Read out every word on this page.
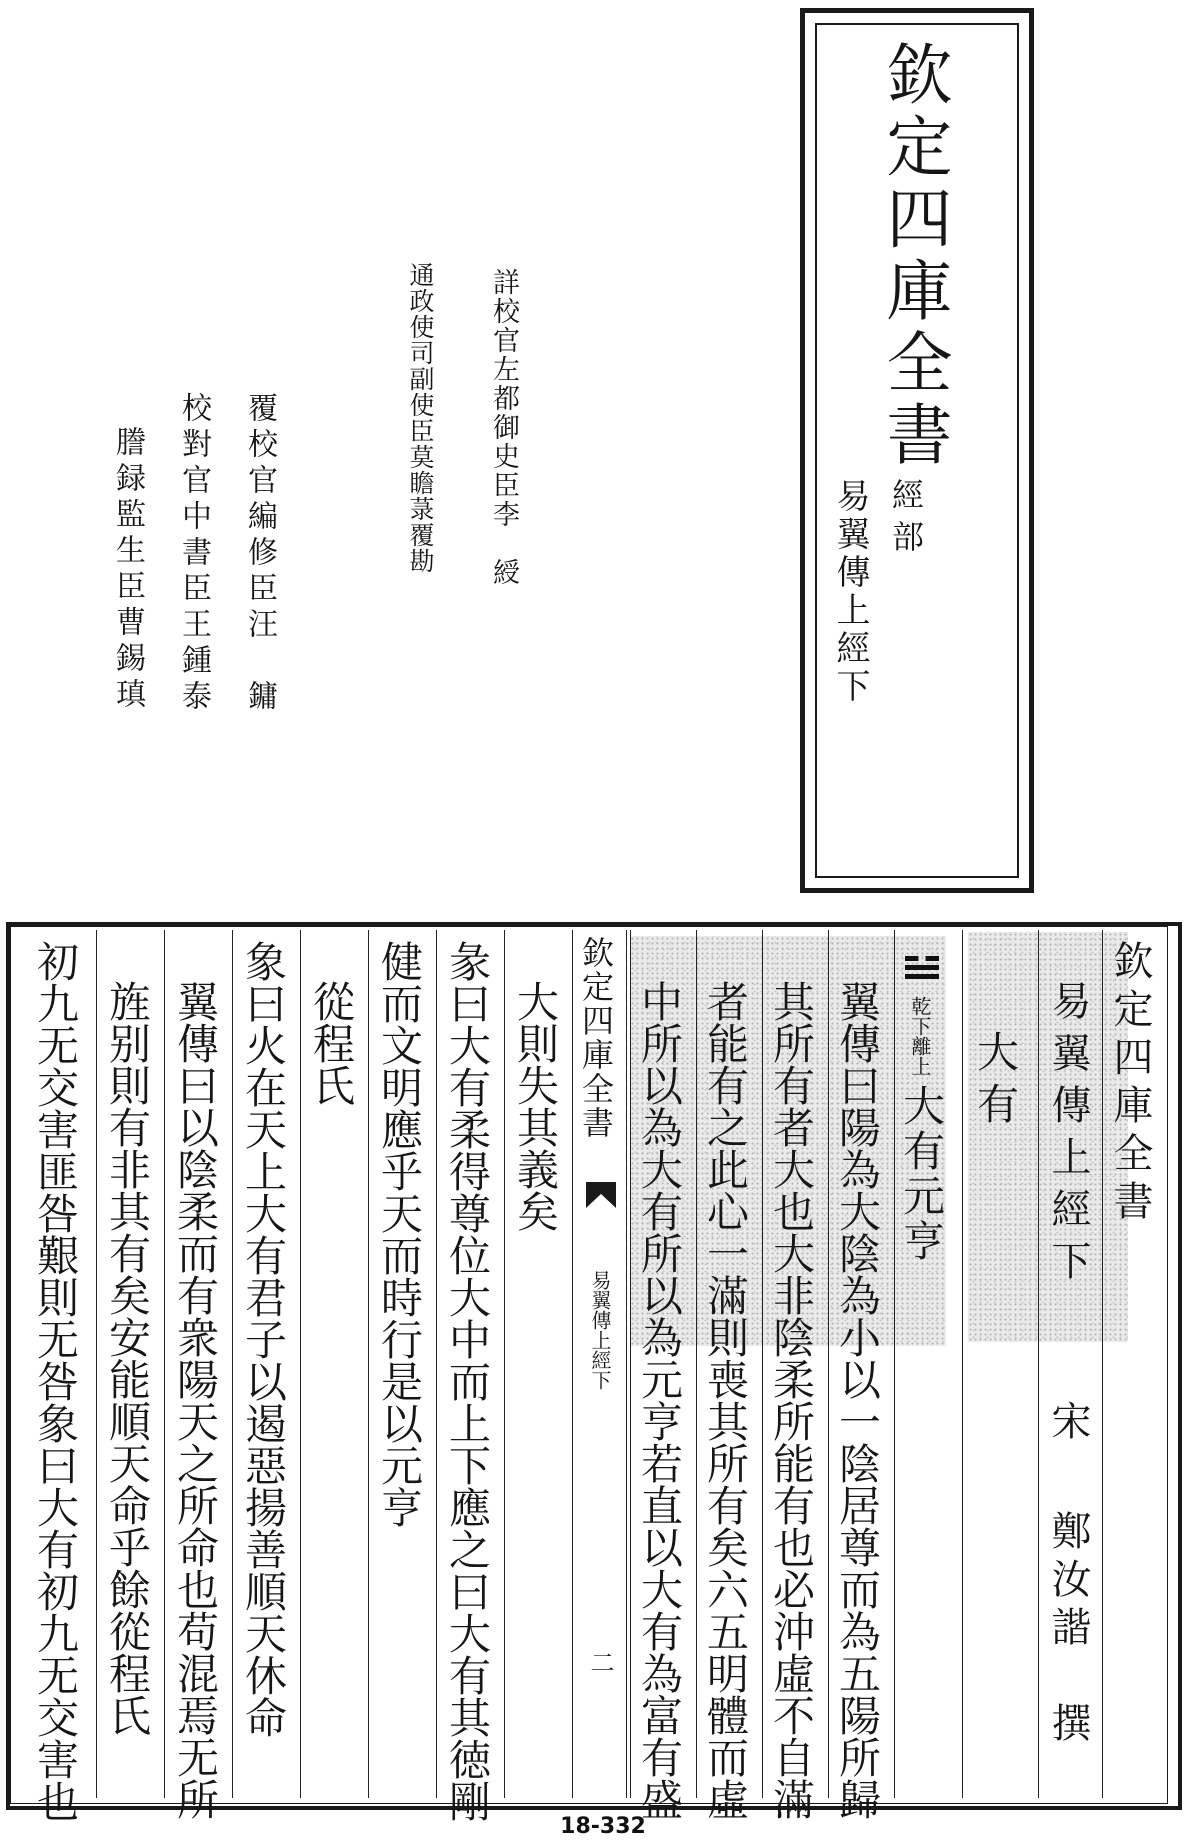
欽定四庫全書
經部
易翼傳上經下
詳校官左都御史臣李　綬
通政使司副使臣莫瞻菉覆勘
覆校官編修臣汪　鏞
校對官中書臣王鍾泰
謄録監生臣曹錫瑱
欽定四庫全書
易翼傳上經下
宋
鄭汝諧　撰
大有
乾下離上
大有元亨
翼傳曰陽為大陰為小以一陰居尊而為五陽所歸
其所有者大也大非陰柔所能有也必沖虛不自滿
者能有之此心一滿則喪其所有矣六五明體而虛
中所以為大有所以為元亨若直以大有為富有盛
欽定四庫全書
易翼傳上經下
二
大則失其義矣
彖曰大有柔得尊位大中而上下應之曰大有其徳剛
健而文明應乎天而時行是以元亨
從程氏
象曰火在天上大有君子以遏惡揚善順天休命
翼傳曰以陰柔而有衆陽天之所命也苟混焉无所
旌别則有非其有矣安能順天命乎餘從程氏
初九无交害匪咎艱則无咎象曰大有初九无交害也
18-332
